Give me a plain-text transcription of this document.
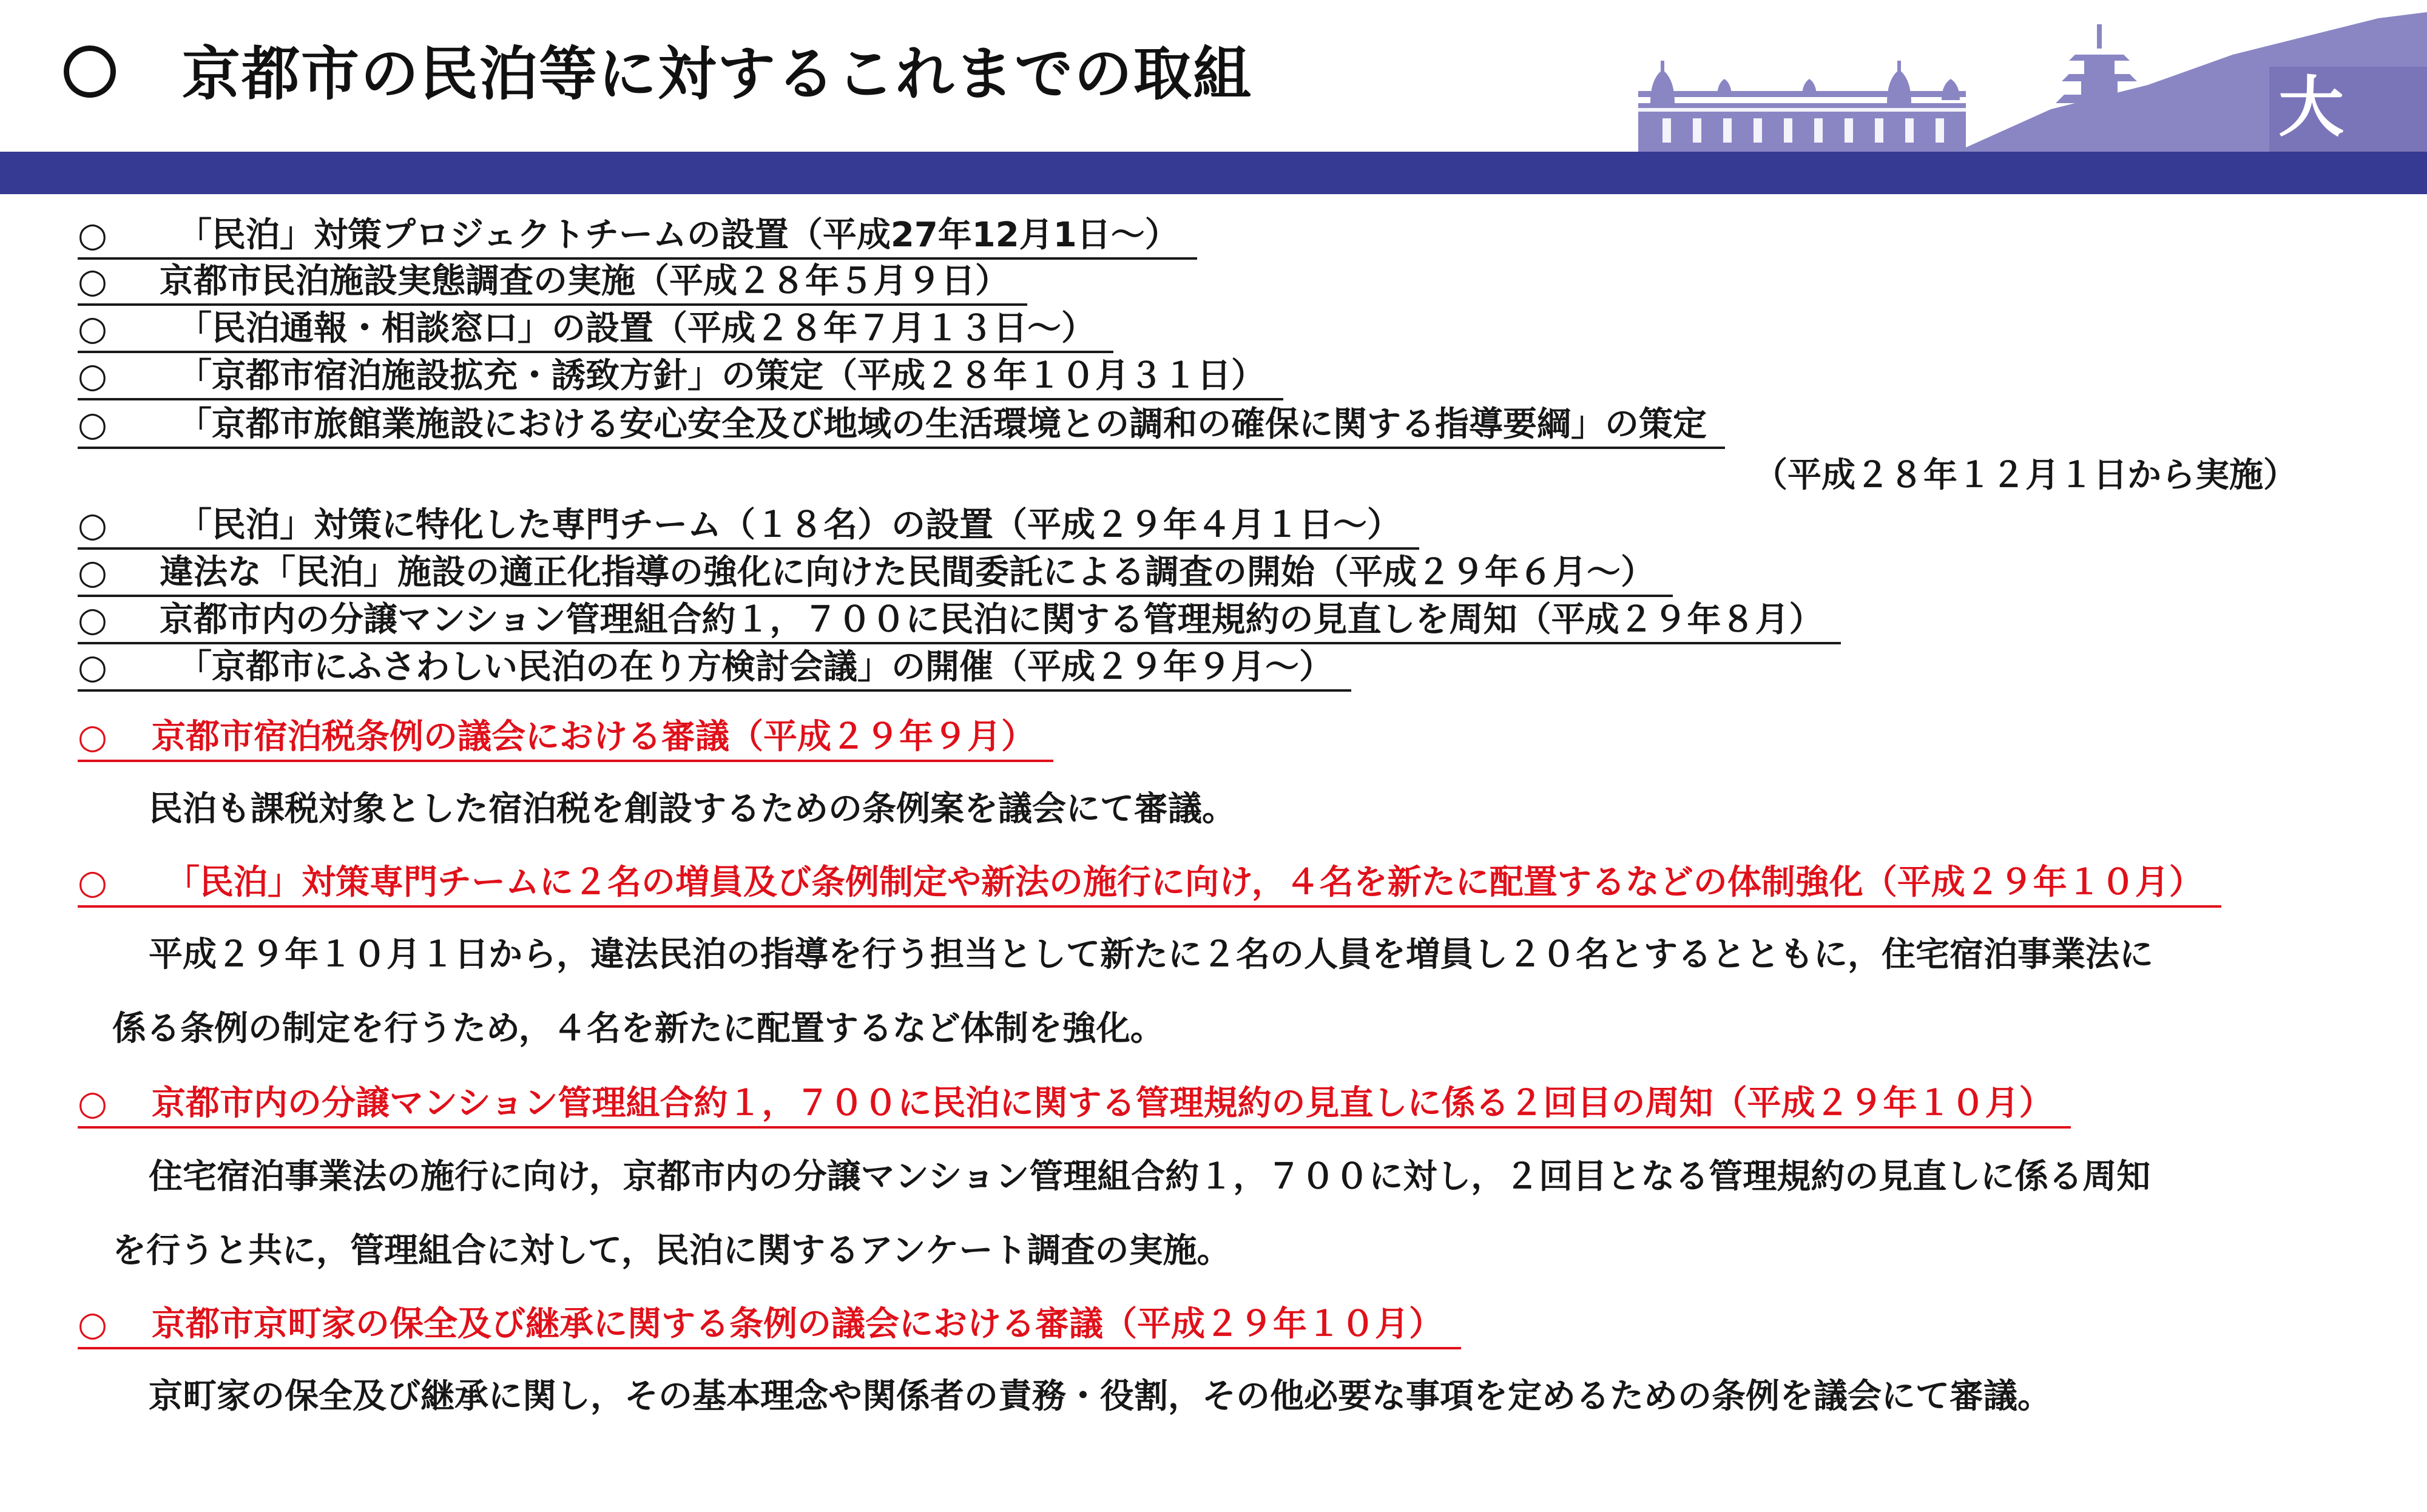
京都市の民泊等に対するこれまでの取組	大
○ 「民泊」対策プロジェクトチームの設置（平成27年12月1日～）
○ 京都市民泊施設実態調査の実施（平成２８年５月９日）
○ 「民泊通報・相談窓口」の設置（平成２８年７月１３日～）
○ 「京都市宿泊施設拡充・誘致方針」の策定（平成２８年１０月３１日）
○ 「京都市旅館業施設における安心安全及び地域の生活環境との調和の確保に関する指導要綱」の策定
（平成２８年１２月１日から実施）
○ 「民泊」対策に特化した専門チーム（１８名）の設置（平成２９年４月１日～）
○ 違法な「民泊」施設の適正化指導の強化に向けた民間委託による調査の開始（平成２９年６月～）
○ 京都市内の分譲マンション管理組合約１，７００に民泊に関する管理規約の見直しを周知（平成２９年８月）
○ 「京都市にふさわしい民泊の在り方検討会議」の開催（平成２９年９月～）
○ 京都市宿泊税条例の議会における審議（平成２９年９月）
民泊も課税対象とした宿泊税を創設するための条例案を議会にて審議。
○ 「民泊」対策専門チームに２名の増員及び条例制定や新法の施行に向け，４名を新たに配置するなどの体制強化（平成２９年１０月）
平成２９年１０月１日から，違法民泊の指導を行う担当として新たに２名の人員を増員し２０名とするとともに，住宅宿泊事業法に
係る条例の制定を行うため，４名を新たに配置するなど体制を強化。
○ 京都市内の分譲マンション管理組合約１，７００に民泊に関する管理規約の見直しに係る２回目の周知（平成２９年１０月）
住宅宿泊事業法の施行に向け，京都市内の分譲マンション管理組合約１，７００に対し，２回目となる管理規約の見直しに係る周知
を行うと共に，管理組合に対して，民泊に関するアンケート調査の実施。
○ 京都市京町家の保全及び継承に関する条例の議会における審議（平成２９年１０月）
京町家の保全及び継承に関し，その基本理念や関係者の責務・役割，その他必要な事項を定めるための条例を議会にて審議。
